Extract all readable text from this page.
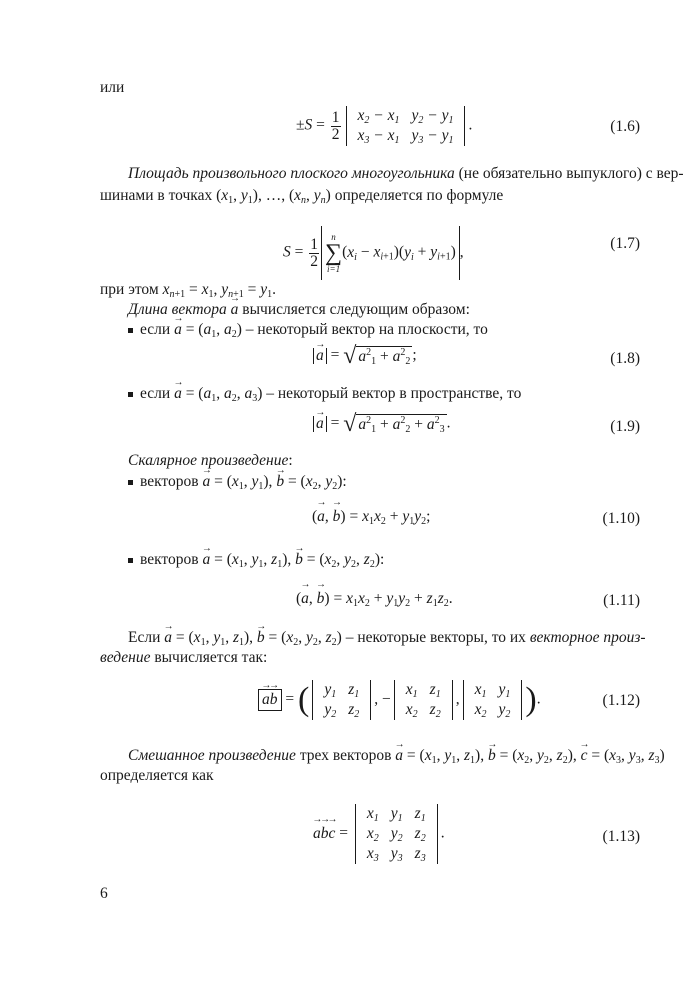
или
$\pm S = \frac{1}{2} x_2 - x_1$	$y_2 - y_1$
$x_3 - x_1$	$y_3 - y_1$
.	(1.6)
Площадь произвольного плоского многоугольника (не обязательно выпуклого) с вер-
шинами в точках ($x_1$, $y_1$), …, ($x_n$, $y_n$) определяется по формуле
$S = \frac{1}{2}$	n
∑
i=1
$(x_i - x_{i+1})(y_i + y_{i+1})$ ,
(1.7)
при этом $x_{n+1} = x_1$, $y_{n+1} = y_1$.
Длина вектора → a вычисляется следующим образом:
если → $a = (a_1$, $a_2$) – некоторый вектор на плоскости, то
→ a = √ $a^2_1 + a^2_2$ ;	(1.8)
если → $a = (a_1$, $a_2$, $a_3$) – некоторый вектор в пространстве, то
→ a = √ $a^2_1 + a^2_2 + a^2_3$ .	(1.9)
Скалярное произведение:
векторов → $a = (x_1$, $y_1$), → $b = (x_2$, $y_2$):
(→ a, → $b) = x_1x_2 + y_1y_2$;	(1.10)
векторов → $a = (x_1$, $y_1$, $z_1$), → $b = (x_2$, $y_2$, $z_2$):
(→ a, → $b) = x_1x_2 + y_1y_2 + z_1z_2$.	(1.11)
Если → $a = (x_1$, $y_1$, $z_1$), → $b = (x_2$, $y_2$, $z_2$) – некоторые векторы, то их векторное произ-
ведение вычисляется так:
→ a→ b = ( $y_1$	$z_1$
$y_2$	$z_2$
, −
$x_1$	$z_1$
$x_2$	$z_2$
,
$x_1$	$y_1$
$x_2$	$y_2$ ).	(1.12)
Смешанное произведение трех векторов → $a = (x_1$, $y_1$, $z_1$), → $b = (x_2$, $y_2$, $z_2$), → $c = (x_3$, $y_3$, $z_3$)
определяется как
→ a→ b→ c =
$x_1$	$y_1$	$z_1$
$x_2$	$y_2$	$z_2$
$x_3$	$y_3$	$z_3$
.	(1.13)
6
